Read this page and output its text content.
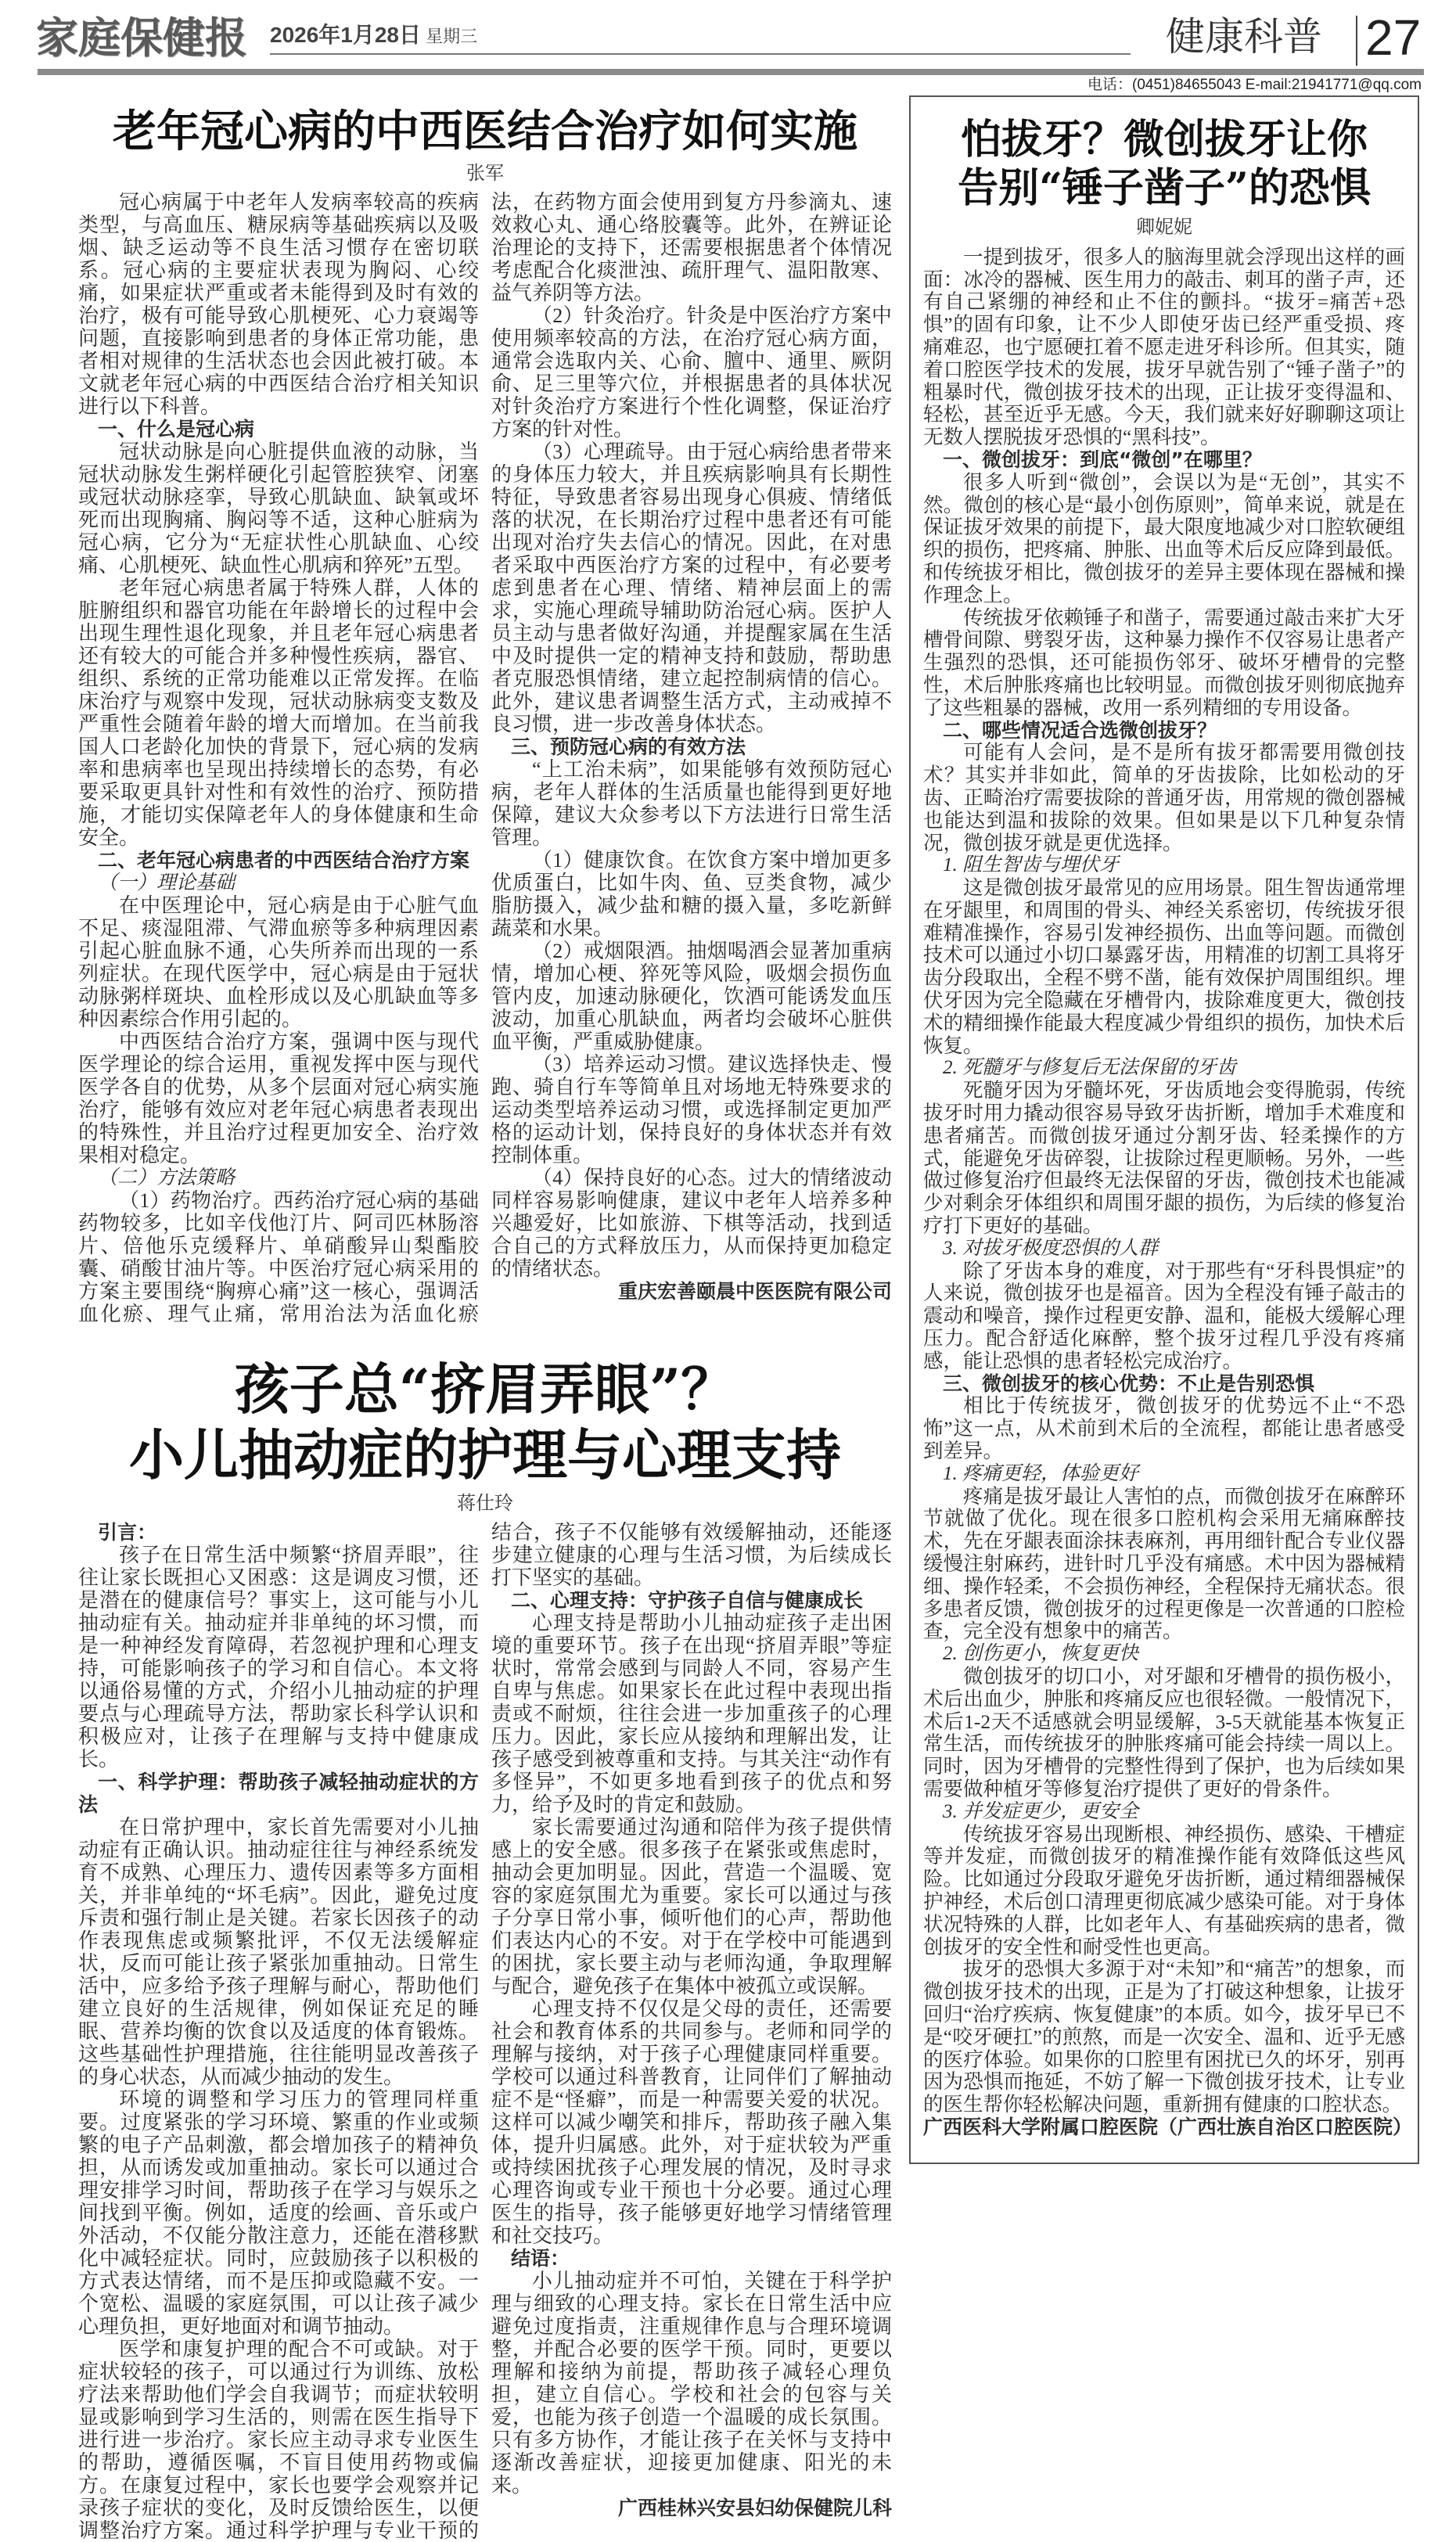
家庭保健报 2026年1月28日 星期三	健康科普 27
电话：(0451)84655043 E-mail:21941771@qq.com
老年冠心病的中西医结合治疗如何实施
张军

冠心病属于中老年人发病率较高的疾病类型，与高血压、糖尿病等基础疾病以及吸烟、缺乏运动等不良生活习惯存在密切联系。冠心病的主要症状表现为胸闷、心绞痛，如果症状严重或者未能得到及时有效的治疗，极有可能导致心肌梗死、心力衰竭等问题，直接影响到患者的身体正常功能，患者相对规律的生活状态也会因此被打破。本文就老年冠心病的中西医结合治疗相关知识进行以下科普。

一、什么是冠心病

冠状动脉是向心脏提供血液的动脉，当冠状动脉发生粥样硬化引起管腔狭窄、闭塞或冠状动脉痉挛，导致心肌缺血、缺氧或坏死而出现胸痛、胸闷等不适，这种心脏病为冠心病，它分为“无症状性心肌缺血、心绞痛、心肌梗死、缺血性心肌病和猝死”五型。

老年冠心病患者属于特殊人群，人体的脏腑组织和器官功能在年龄增长的过程中会出现生理性退化现象，并且老年冠心病患者还有较大的可能合并多种慢性疾病，器官、组织、系统的正常功能难以正常发挥。在临床治疗与观察中发现，冠状动脉病变支数及严重性会随着年龄的增大而增加。在当前我国人口老龄化加快的背景下，冠心病的发病率和患病率也呈现出持续增长的态势，有必要采取更具针对性和有效性的治疗、预防措施，才能切实保障老年人的身体健康和生命安全。

二、老年冠心病患者的中西医结合治疗方案

（一）理论基础

在中医理论中，冠心病是由于心脏气血不足、痰湿阻滞、气滞血瘀等多种病理因素引起心脏血脉不通，心失所养而出现的一系列症状。在现代医学中，冠心病是由于冠状动脉粥样斑块、血栓形成以及心肌缺血等多种因素综合作用引起的。

中西医结合治疗方案，强调中医与现代医学理论的综合运用，重视发挥中医与现代医学各自的优势，从多个层面对冠心病实施治疗，能够有效应对老年冠心病患者表现出的特殊性，并且治疗过程更加安全、治疗效果相对稳定。

（二）方法策略

（1）药物治疗。西药治疗冠心病的基础药物较多，比如辛伐他汀片、阿司匹林肠溶片、倍他乐克缓释片、单硝酸异山梨酯胶囊、硝酸甘油片等。中医治疗冠心病采用的方案主要围绕“胸痹心痛”这一核心，强调活血化瘀、理气止痛，常用治法为活血化瘀法，在药物方面会使用到复方丹参滴丸、速效救心丸、通心络胶囊等。此外，在辨证论治理论的支持下，还需要根据患者个体情况考虑配合化痰泄浊、疏肝理气、温阳散寒、益气养阴等方法。

（2）针灸治疗。针灸是中医治疗方案中使用频率较高的方法，在治疗冠心病方面，通常会选取内关、心俞、膻中、通里、厥阴俞、足三里等穴位，并根据患者的具体状况对针灸治疗方案进行个性化调整，保证治疗方案的针对性。

（3）心理疏导。由于冠心病给患者带来的身体压力较大，并且疾病影响具有长期性特征，导致患者容易出现身心俱疲、情绪低落的状况，在长期治疗过程中患者还有可能出现对治疗失去信心的情况。因此，在对患者采取中西医治疗方案的过程中，有必要考虑到患者在心理、情绪、精神层面上的需求，实施心理疏导辅助防治冠心病。医护人员主动与患者做好沟通，并提醒家属在生活中及时提供一定的精神支持和鼓励，帮助患者克服恐惧情绪，建立起控制病情的信心。此外，建议患者调整生活方式，主动戒掉不良习惯，进一步改善身体状态。

三、预防冠心病的有效方法

“上工治未病”，如果能够有效预防冠心病，老年人群体的生活质量也能得到更好地保障，建议大众参考以下方法进行日常生活管理。

（1）健康饮食。在饮食方案中增加更多优质蛋白，比如牛肉、鱼、豆类食物，减少脂肪摄入，减少盐和糖的摄入量，多吃新鲜蔬菜和水果。

（2）戒烟限酒。抽烟喝酒会显著加重病情，增加心梗、猝死等风险，吸烟会损伤血管内皮，加速动脉硬化，饮酒可能诱发血压波动，加重心肌缺血，两者均会破坏心脏供血平衡，严重威胁健康。

（3）培养运动习惯。建议选择快走、慢跑、骑自行车等简单且对场地无特殊要求的运动类型培养运动习惯，或选择制定更加严格的运动计划，保持良好的身体状态并有效控制体重。

（4）保持良好的心态。过大的情绪波动同样容易影响健康，建议中老年人培养多种兴趣爱好，比如旅游、下棋等活动，找到适合自己的方式释放压力，从而保持更加稳定的情绪状态。

重庆宏善颐晨中医医院有限公司

孩子总“挤眉弄眼”？
小儿抽动症的护理与心理支持
蒋仕玲

引言：

孩子在日常生活中频繁“挤眉弄眼”，往往让家长既担心又困惑：这是调皮习惯，还是潜在的健康信号？事实上，这可能与小儿抽动症有关。抽动症并非单纯的坏习惯，而是一种神经发育障碍，若忽视护理和心理支持，可能影响孩子的学习和自信心。本文将以通俗易懂的方式，介绍小儿抽动症的护理要点与心理疏导方法，帮助家长科学认识和积极应对，让孩子在理解与支持中健康成长。

一、科学护理：帮助孩子减轻抽动症状的方法

在日常护理中，家长首先需要对小儿抽动症有正确认识。抽动症往往与神经系统发育不成熟、心理压力、遗传因素等多方面相关，并非单纯的“坏毛病”。因此，避免过度斥责和强行制止是关键。若家长因孩子的动作表现焦虑或频繁批评，不仅无法缓解症状，反而可能让孩子紧张加重抽动。日常生活中，应多给予孩子理解与耐心，帮助他们建立良好的生活规律，例如保证充足的睡眠、营养均衡的饮食以及适度的体育锻炼。这些基础性护理措施，往往能明显改善孩子的身心状态，从而减少抽动的发生。

环境的调整和学习压力的管理同样重要。过度紧张的学习环境、繁重的作业或频繁的电子产品刺激，都会增加孩子的精神负担，从而诱发或加重抽动。家长可以通过合理安排学习时间，帮助孩子在学习与娱乐之间找到平衡。例如，适度的绘画、音乐或户外活动，不仅能分散注意力，还能在潜移默化中减轻症状。同时，应鼓励孩子以积极的方式表达情绪，而不是压抑或隐藏不安。一个宽松、温暖的家庭氛围，可以让孩子减少心理负担，更好地面对和调节抽动。

医学和康复护理的配合不可或缺。对于症状较轻的孩子，可以通过行为训练、放松疗法来帮助他们学会自我调节；而症状较明显或影响到学习生活的，则需在医生指导下进行进一步治疗。家长应主动寻求专业医生的帮助，遵循医嘱，不盲目使用药物或偏方。在康复过程中，家长也要学会观察并记录孩子症状的变化，及时反馈给医生，以便调整治疗方案。通过科学护理与专业干预的结合，孩子不仅能够有效缓解抽动，还能逐步建立健康的心理与生活习惯，为后续成长打下坚实的基础。

二、心理支持：守护孩子自信与健康成长

心理支持是帮助小儿抽动症孩子走出困境的重要环节。孩子在出现“挤眉弄眼”等症状时，常常会感到与同龄人不同，容易产生自卑与焦虑。如果家长在此过程中表现出指责或不耐烦，往往会进一步加重孩子的心理压力。因此，家长应从接纳和理解出发，让孩子感受到被尊重和支持。与其关注“动作有多怪异”，不如更多地看到孩子的优点和努力，给予及时的肯定和鼓励。

家长需要通过沟通和陪伴为孩子提供情感上的安全感。很多孩子在紧张或焦虑时，抽动会更加明显。因此，营造一个温暖、宽容的家庭氛围尤为重要。家长可以通过与孩子分享日常小事，倾听他们的心声，帮助他们表达内心的不安。对于在学校中可能遇到的困扰，家长要主动与老师沟通，争取理解与配合，避免孩子在集体中被孤立或误解。

心理支持不仅仅是父母的责任，还需要社会和教育体系的共同参与。老师和同学的理解与接纳，对于孩子心理健康同样重要。学校可以通过科普教育，让同伴们了解抽动症不是“怪癖”，而是一种需要关爱的状况。这样可以减少嘲笑和排斥，帮助孩子融入集体，提升归属感。此外，对于症状较为严重或持续困扰孩子心理发展的情况，及时寻求心理咨询或专业干预也十分必要。通过心理医生的指导，孩子能够更好地学习情绪管理和社交技巧。

结语：

小儿抽动症并不可怕，关键在于科学护理与细致的心理支持。家长在日常生活中应避免过度指责，注重规律作息与合理环境调整，并配合必要的医学干预。同时，更要以理解和接纳为前提，帮助孩子减轻心理负担，建立自信心。学校和社会的包容与关爱，也能为孩子创造一个温暖的成长氛围。只有多方协作，才能让孩子在关怀与支持中逐渐改善症状，迎接更加健康、阳光的未来。

广西桂林兴安县妇幼保健院儿科

怕拔牙？微创拔牙让你
告别“锤子凿子”的恐惧
卿妮妮

一提到拔牙，很多人的脑海里就会浮现出这样的画面：冰冷的器械、医生用力的敲击、刺耳的凿子声，还有自己紧绷的神经和止不住的颤抖。“拔牙=痛苦+恐惧”的固有印象，让不少人即使牙齿已经严重受损、疼痛难忍，也宁愿硬扛着不愿走进牙科诊所。但其实，随着口腔医学技术的发展，拔牙早就告别了“锤子凿子”的粗暴时代，微创拔牙技术的出现，正让拔牙变得温和、轻松，甚至近乎无感。今天，我们就来好好聊聊这项让无数人摆脱拔牙恐惧的“黑科技”。

一、微创拔牙：到底“微创”在哪里？

很多人听到“微创”，会误以为是“无创”，其实不然。微创的核心是“最小创伤原则”，简单来说，就是在保证拔牙效果的前提下，最大限度地减少对口腔软硬组织的损伤，把疼痛、肿胀、出血等术后反应降到最低。和传统拔牙相比，微创拔牙的差异主要体现在器械和操作理念上。

传统拔牙依赖锤子和凿子，需要通过敲击来扩大牙槽骨间隙、劈裂牙齿，这种暴力操作不仅容易让患者产生强烈的恐惧，还可能损伤邻牙、破坏牙槽骨的完整性，术后肿胀疼痛也比较明显。而微创拔牙则彻底抛弃了这些粗暴的器械，改用一系列精细的专用设备。

二、哪些情况适合选微创拔牙？

可能有人会问，是不是所有拔牙都需要用微创技术？其实并非如此，简单的牙齿拔除，比如松动的牙齿、正畸治疗需要拔除的普通牙齿，用常规的微创器械也能达到温和拔除的效果。但如果是以下几种复杂情况，微创拔牙就是更优选择。

1. 阻生智齿与埋伏牙

这是微创拔牙最常见的应用场景。阻生智齿通常埋在牙龈里，和周围的骨头、神经关系密切，传统拔牙很难精准操作，容易引发神经损伤、出血等问题。而微创技术可以通过小切口暴露牙齿，用精准的切割工具将牙齿分段取出，全程不劈不凿，能有效保护周围组织。埋伏牙因为完全隐藏在牙槽骨内，拔除难度更大，微创技术的精细操作能最大程度减少骨组织的损伤，加快术后恢复。

2. 死髓牙与修复后无法保留的牙齿

死髓牙因为牙髓坏死，牙齿质地会变得脆弱，传统拔牙时用力撬动很容易导致牙齿折断，增加手术难度和患者痛苦。而微创拔牙通过分割牙齿、轻柔操作的方式，能避免牙齿碎裂，让拔除过程更顺畅。另外，一些做过修复治疗但最终无法保留的牙齿，微创技术也能减少对剩余牙体组织和周围牙龈的损伤，为后续的修复治疗打下更好的基础。

3. 对拔牙极度恐惧的人群

除了牙齿本身的难度，对于那些有“牙科畏惧症”的人来说，微创拔牙也是福音。因为全程没有锤子敲击的震动和噪音，操作过程更安静、温和，能极大缓解心理压力。配合舒适化麻醉，整个拔牙过程几乎没有疼痛感，能让恐惧的患者轻松完成治疗。

三、微创拔牙的核心优势：不止是告别恐惧

相比于传统拔牙，微创拔牙的优势远不止“不恐怖”这一点，从术前到术后的全流程，都能让患者感受到差异。

1. 疼痛更轻，体验更好

疼痛是拔牙最让人害怕的点，而微创拔牙在麻醉环节就做了优化。现在很多口腔机构会采用无痛麻醉技术，先在牙龈表面涂抹表麻剂，再用细针配合专业仪器缓慢注射麻药，进针时几乎没有痛感。术中因为器械精细、操作轻柔，不会损伤神经，全程保持无痛状态。很多患者反馈，微创拔牙的过程更像是一次普通的口腔检查，完全没有想象中的痛苦。

2. 创伤更小，恢复更快

微创拔牙的切口小，对牙龈和牙槽骨的损伤极小，术后出血少，肿胀和疼痛反应也很轻微。一般情况下，术后1-2天不适感就会明显缓解，3-5天就能基本恢复正常生活，而传统拔牙的肿胀疼痛可能会持续一周以上。同时，因为牙槽骨的完整性得到了保护，也为后续如果需要做种植牙等修复治疗提供了更好的骨条件。

3. 并发症更少，更安全

传统拔牙容易出现断根、神经损伤、感染、干槽症等并发症，而微创拔牙的精准操作能有效降低这些风险。比如通过分段取牙避免牙齿折断，通过精细器械保护神经，术后创口清理更彻底减少感染可能。对于身体状况特殊的人群，比如老年人、有基础疾病的患者，微创拔牙的安全性和耐受性也更高。

拔牙的恐惧大多源于对“未知”和“痛苦”的想象，而微创拔牙技术的出现，正是为了打破这种想象，让拔牙回归“治疗疾病、恢复健康”的本质。如今，拔牙早已不是“咬牙硬扛”的煎熬，而是一次安全、温和、近乎无感的医疗体验。如果你的口腔里有困扰已久的坏牙，别再因为恐惧而拖延，不妨了解一下微创拔牙技术，让专业的医生帮你轻松解决问题，重新拥有健康的口腔状态。

广西医科大学附属口腔医院（广西壮族自治区口腔医院）
